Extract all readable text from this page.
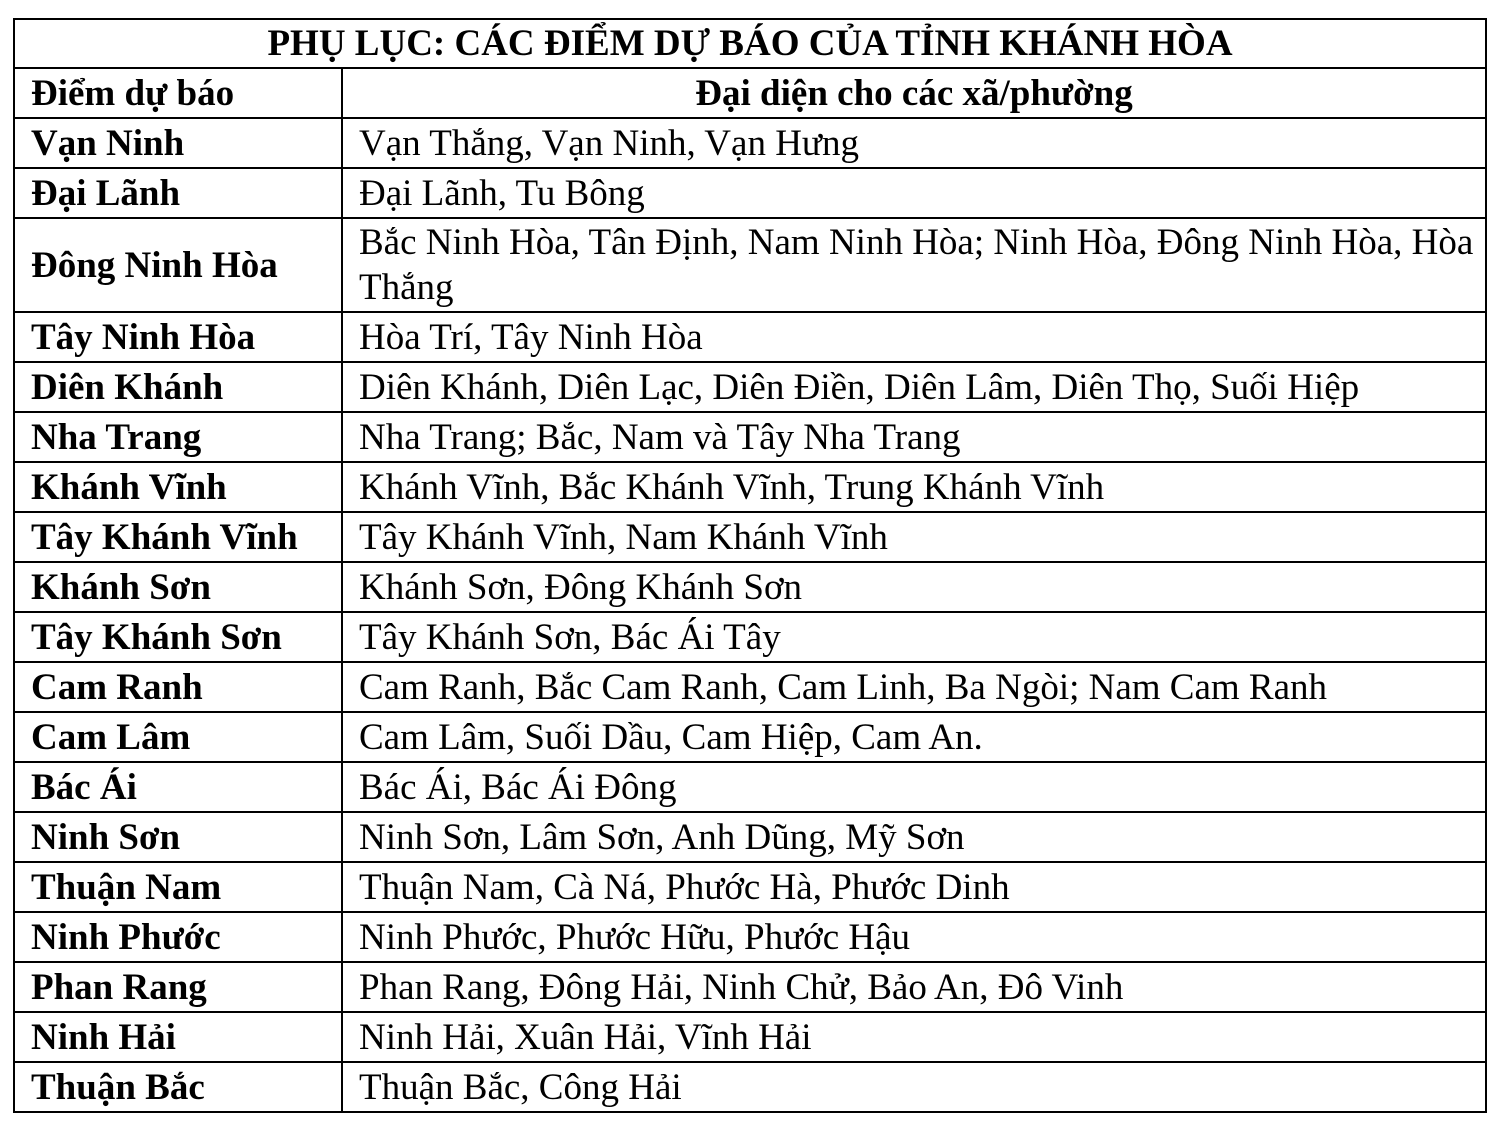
PHỤ LỤC: CÁC ĐIỂM DỰ BÁO CỦA TỈNH KHÁNH HÒA	
Điểm dự báo	Đại diện cho các xã/phường
Vạn Ninh	Vạn Thắng, Vạn Ninh, Vạn Hưng
Đại Lãnh	Đại Lãnh, Tu Bông
Đông Ninh Hòa	Bắc Ninh Hòa, Tân Định, Nam Ninh Hòa; Ninh Hòa, Đông Ninh Hòa, Hòa Thắng
Tây Ninh Hòa	Hòa Trí, Tây Ninh Hòa
Diên Khánh	Diên Khánh, Diên Lạc, Diên Điền, Diên Lâm, Diên Thọ, Suối Hiệp
Nha Trang	Nha Trang; Bắc, Nam và Tây Nha Trang
Khánh Vĩnh	Khánh Vĩnh, Bắc Khánh Vĩnh, Trung Khánh Vĩnh
Tây Khánh Vĩnh	Tây Khánh Vĩnh, Nam Khánh Vĩnh
Khánh Sơn	Khánh Sơn, Đông Khánh Sơn
Tây Khánh Sơn	Tây Khánh Sơn, Bác Ái Tây
Cam Ranh	Cam Ranh, Bắc Cam Ranh, Cam Linh, Ba Ngòi; Nam Cam Ranh
Cam Lâm	Cam Lâm, Suối Dầu, Cam Hiệp, Cam An.
Bác Ái	Bác Ái, Bác Ái Đông
Ninh Sơn	Ninh Sơn, Lâm Sơn, Anh Dũng, Mỹ Sơn
Thuận Nam	Thuận Nam, Cà Ná, Phước Hà, Phước Dinh
Ninh Phước	Ninh Phước, Phước Hữu, Phước Hậu
Phan Rang	Phan Rang, Đông Hải, Ninh Chử, Bảo An, Đô Vinh
Ninh Hải	Ninh Hải, Xuân Hải, Vĩnh Hải
Thuận Bắc	Thuận Bắc, Công Hải
